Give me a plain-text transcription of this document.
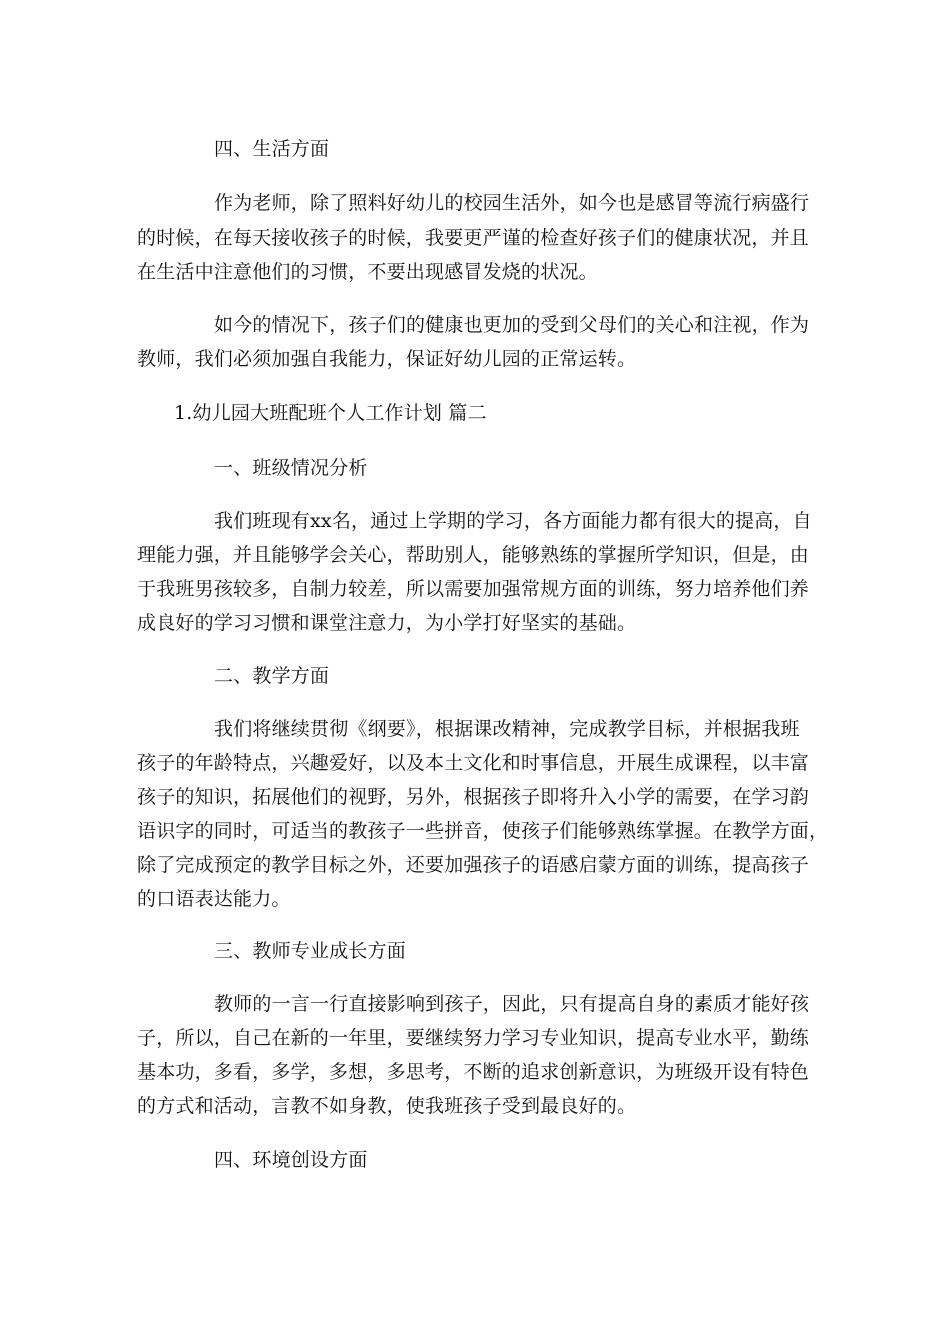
四、生活方面
作为老师，除了照料好幼儿的校园生活外，如今也是感冒等流行病盛行
的时候，在每天接收孩子的时候，我要更严谨的检查好孩子们的健康状况，并且
在生活中注意他们的习惯，不要出现感冒发烧的状况。
如今的情况下，孩子们的健康也更加的受到父母们的关心和注视，作为
教师，我们必须加强自我能力，保证好幼儿园的正常运转。
1.幼儿园大班配班个人工作计划 篇二
一、班级情况分析
我们班现有xx名，通过上学期的学习，各方面能力都有很大的提高，自
理能力强，并且能够学会关心，帮助别人，能够熟练的掌握所学知识，但是，由
于我班男孩较多，自制力较差，所以需要加强常规方面的训练，努力培养他们养
成良好的学习习惯和课堂注意力，为小学打好坚实的基础。
二、教学方面
我们将继续贯彻《纲要》，根据课改精神，完成教学目标，并根据我班
孩子的年龄特点，兴趣爱好，以及本土文化和时事信息，开展生成课程，以丰富
孩子的知识，拓展他们的视野，另外，根据孩子即将升入小学的需要，在学习韵
语识字的同时，可适当的教孩子一些拼音，使孩子们能够熟练掌握。在教学方面，
除了完成预定的教学目标之外，还要加强孩子的语感启蒙方面的训练，提高孩子
的口语表达能力。
三、教师专业成长方面
教师的一言一行直接影响到孩子，因此，只有提高自身的素质才能好孩
子，所以，自己在新的一年里，要继续努力学习专业知识，提高专业水平，勤练
基本功，多看，多学，多想，多思考，不断的追求创新意识，为班级开设有特色
的方式和活动，言教不如身教，使我班孩子受到最良好的。
四、环境创设方面
